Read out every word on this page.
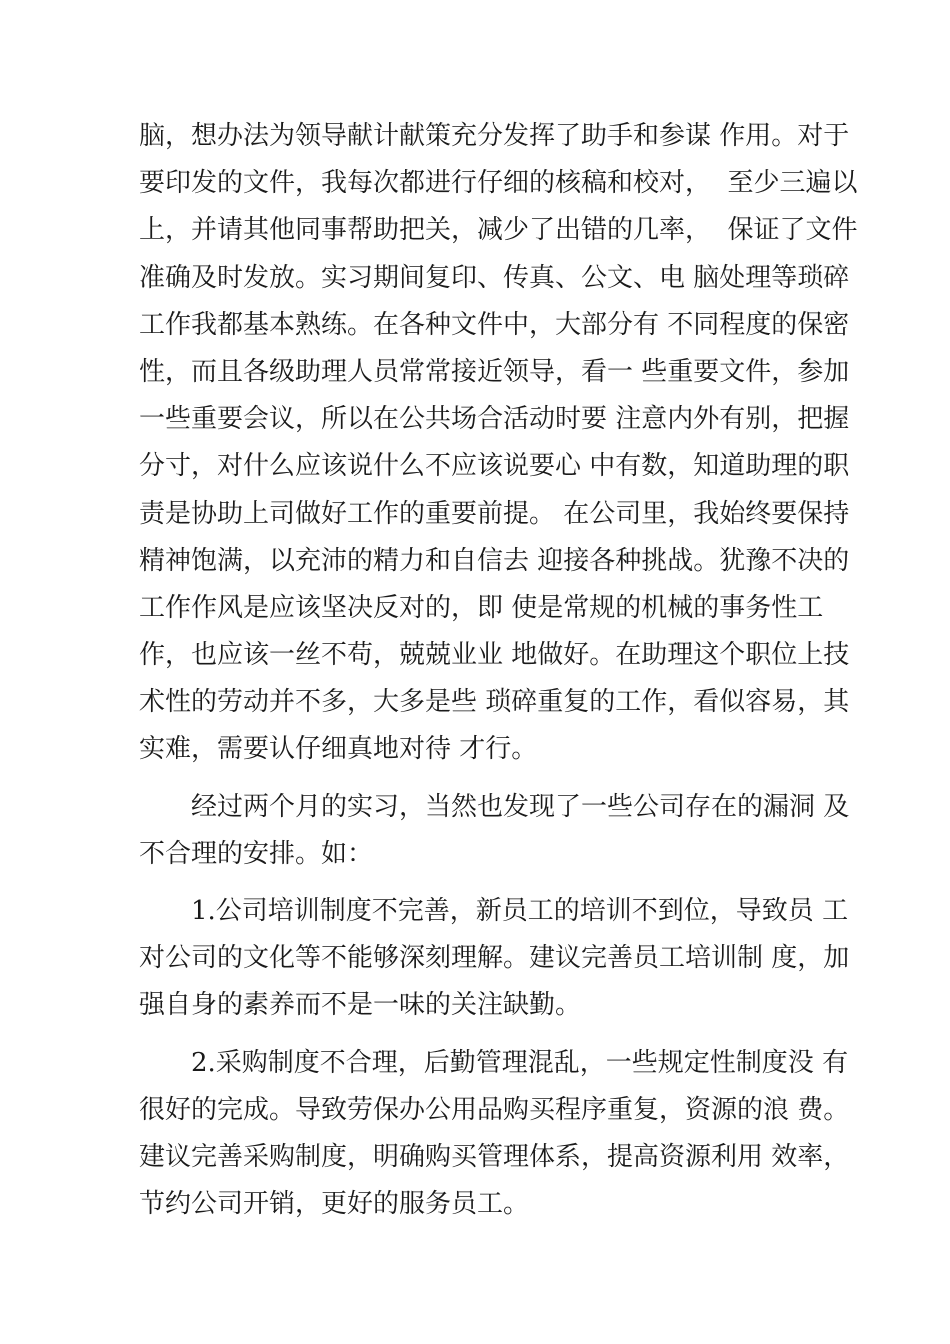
脑，想办法为领导献计献策充分发挥了助手和参谋 作用。对于
要印发的文件，我每次都进行仔细的核稿和校对，  至少三遍以
上，并请其他同事帮助把关，减少了出错的几率，  保证了文件
准确及时发放。实习期间复印、传真、公文、电 脑处理等琐碎
工作我都基本熟练。在各种文件中，大部分有 不同程度的保密
性，而且各级助理人员常常接近领导，看一 些重要文件，参加
一些重要会议，所以在公共场合活动时要 注意内外有别，把握
分寸，对什么应该说什么不应该说要心 中有数，知道助理的职
责是协助上司做好工作的重要前提。 在公司里，我始终要保持
精神饱满，以充沛的精力和自信去 迎接各种挑战。犹豫不决的
工作作风是应该坚决反对的，即 使是常规的机械的事务性工
作，也应该一丝不苟，兢兢业业 地做好。在助理这个职位上技
术性的劳动并不多，大多是些 琐碎重复的工作，看似容易，其
实难，需要认仔细真地对待 才行。
经过两个月的实习，当然也发现了一些公司存在的漏洞 及
不合理的安排。如：
1.公司培训制度不完善，新员工的培训不到位，导致员 工
对公司的文化等不能够深刻理解。建议完善员工培训制 度，加
强自身的素养而不是一味的关注缺勤。
2.采购制度不合理，后勤管理混乱，一些规定性制度没 有
很好的完成。导致劳保办公用品购买程序重复，资源的浪 费。
建议完善采购制度，明确购买管理体系，提高资源利用 效率，
节约公司开销，更好的服务员工。
